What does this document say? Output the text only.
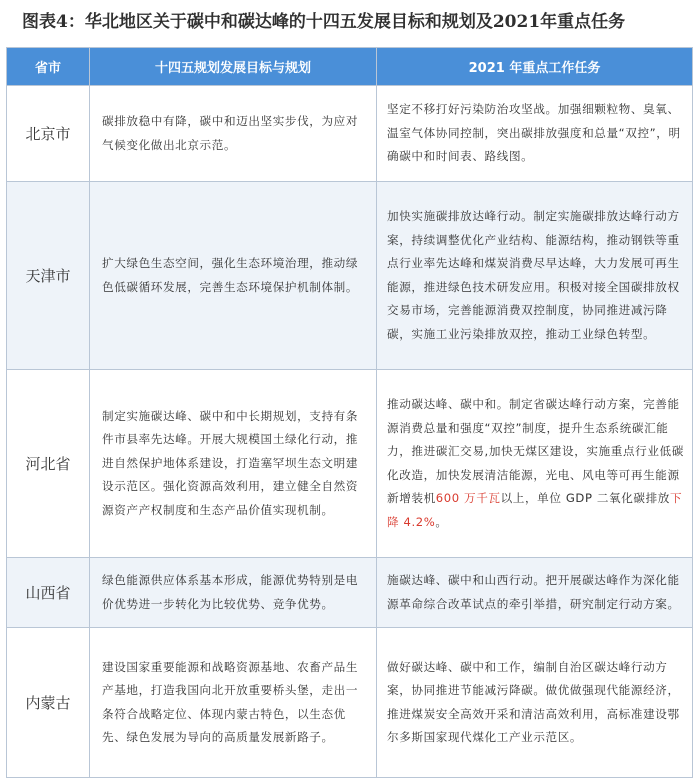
图表4：华北地区关于碳中和碳达峰的十四五发展目标和规划及2021年重点任务
省市	十四五规划发展目标与规划	2021 年重点工作任务
北京市
碳排放稳中有降，碳中和迈出坚实步伐，为应对气候变化做出北京示范。
坚定不移打好污染防治攻坚战。加强细颗粒物、臭氧、温室气体协同控制，突出碳排放强度和总量“双控”，明确碳中和时间表、路线图。
天津市
扩大绿色生态空间，强化生态环境治理，推动绿色低碳循环发展，完善生态环境保护机制体制。
加快实施碳排放达峰行动。制定实施碳排放达峰行动方案，持续调整优化产业结构、能源结构，推动钢铁等重点行业率先达峰和煤炭消费尽早达峰，大力发展可再生能源，推进绿色技术研发应用。积极对接全国碳排放权交易市场，完善能源消费双控制度，协同推进减污降碳，实施工业污染排放双控，推动工业绿色转型。
河北省
制定实施碳达峰、碳中和中长期规划，支持有条件市县率先达峰。开展大规模国土绿化行动，推进自然保护地体系建设，打造塞罕坝生态文明建设示范区。强化资源高效利用，建立健全自然资源资产产权制度和生态产品价值实现机制。
推动碳达峰、碳中和。制定省碳达峰行动方案，完善能源消费总量和强度“双控”制度，提升生态系统碳汇能力，推进碳汇交易,加快无煤区建设，实施重点行业低碳化改造，加快发展清洁能源，光电、风电等可再生能源新增装机600 万千瓦以上，单位 GDP 二氧化碳排放下降 4.2%。
山西省
绿色能源供应体系基本形成，能源优势特别是电价优势进一步转化为比较优势、竞争优势。
施碳达峰、碳中和山西行动。把开展碳达峰作为深化能源革命综合改革试点的牵引举措，研究制定行动方案。
内蒙古
建设国家重要能源和战略资源基地、农畜产品生产基地，打造我国向北开放重要桥头堡，走出一条符合战略定位、体现内蒙古特色，以生态优先、绿色发展为导向的高质量发展新路子。
做好碳达峰、碳中和工作，编制自治区碳达峰行动方案，协同推进节能减污降碳。做优做强现代能源经济，推进煤炭安全高效开采和清洁高效利用，高标准建设鄂尔多斯国家现代煤化工产业示范区。
